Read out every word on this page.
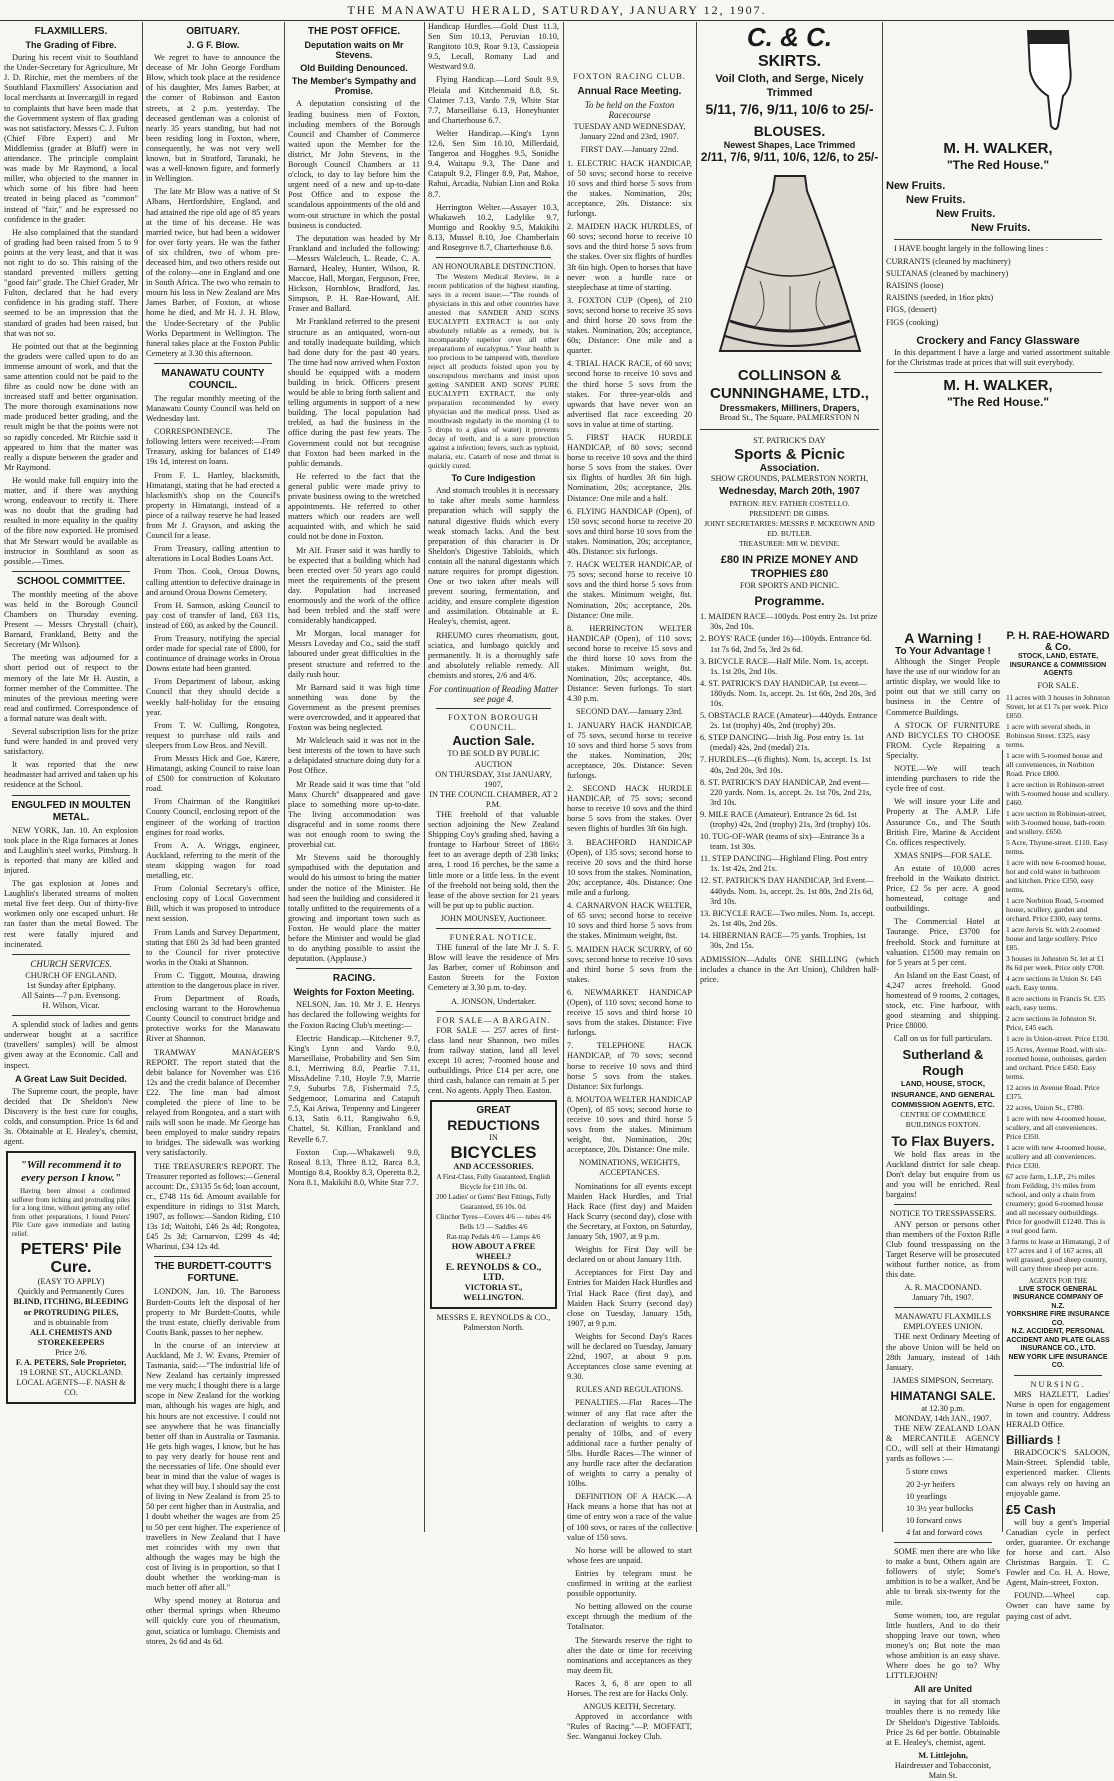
THE MANAWATU HERALD, SATURDAY, JANUARY 12, 1907.
FLAXMILLERS.
The Grading of Fibre.

During his recent visit to Southland the Under-Secretary for Agriculture, Mr J. D. Ritchie, met the members of the Southland Flaxmillers' Association and local merchants at Invercargill in regard to complaints that have been made that the Government system of flax grading was not satisfactory. Messrs C. J. Fulton (Chief Fibre Expert) and Mr Middlemiss (grader at Bluff) were in attendance. The principle complaint was made by Mr Raymond, a local miller, who objected to the manner in which some of his fibre had been treated in being placed as "common" instead of "fair," and he expressed no confidence in the grader.

He also complained that the standard of grading had been raised from 5 to 9 points at the very least, and that it was not right to do so. This raising of the standard prevented millers getting "good fair" grade. The Chief Grader, Mr Fulton, declared that he had every confidence in his grading staff. There seemed to be an impression that the standard of grades had been raised, but that was not so.

He pointed out that at the beginning the graders were called upon to do an immense amount of work, and that the same attention could not be paid to the fibre as could now be done with an increased staff and better organisation. The more thorough examinations now made produced better grading, and the result might be that the points were not so rapidly conceded. Mr Ritchie said it appeared to him that the matter was really a dispute between the grader and Mr Raymond.

He would make full enquiry into the matter, and if there was anything wrong, endeavour to rectify it. There was no doubt that the grading had resulted in more equality in the quality of the fibre now exported. He promised that Mr Stewart would be available as instructor in Southland as soon as possible.—Times.

SCHOOL COMMITTEE.

The monthly meeting of the above was held in the Borough Council Chambers on Thursday evening. Present — Messrs Chrystall (chair), Barnard, Frankland, Betty and the Secretary (Mr Wilson).

The meeting was adjourned for a short period out of respect to the memory of the late Mr H. Austin, a former member of the Committee. The minutes of the previous meeting were read and confirmed. Correspondence of a formal nature was dealt with.

Several subscription lists for the prize fund were handed in and proved very satisfactory.

It was reported that the new headmaster had arrived and taken up his residence at the School.

ENGULFED IN MOULTEN METAL.

NEW YORK, Jan. 10. An explosion took place in the Riga furnaces at Jones and Laughlin's steel works, Pittsburg. It is reported that many are killed and injured.

The gas explosion at Jones and Laughlin's liberated streams of molten metal five feet deep. Out of thirty-five workmen only one escaped unhurt. He ran faster than the metal flowed. The rest were fatally injured and incinerated.

CHURCH SERVICES.
CHURCH OF ENGLAND.
1st Sunday after Epiphany.
All Saints—7 p.m. Evensong.
H. Wilson, Vicar.

A splendid stock of ladies and gents underwear bought at a sacrifice (travellers' samples) will be almost given away at the Economic. Call and inspect.

A Great Law Suit Decided.

The Supreme court, the people, have decided that Dr Sheldon's New Discovery is the best cure for coughs, colds, and consumption. Price 1s 6d and 3s. Obtainable at E. Healey's, chemist, agent.

"Will recommend it to every person I know."

Having been almost a confirmed sufferer from itching and protruding piles for a long time, without getting any relief from other preparations, I found Peters' Pile Cure gave immediate and lasting relief.

PETERS' Pile Cure.
(EASY TO APPLY)
Quickly and Permanently Cures
BLIND, ITCHING, BLEEDING or PROTRUDING PILES,
and is obtainable from
ALL CHEMISTS AND STOREKEEPERS
Price 2/6.
F. A. PETERS, Sole Proprietor,
19 LORNE ST., AUCKLAND.
LOCAL AGENTS—F. NASH & CO.
OBITUARY.
J. G F. Blow.

We regret to have to announce the decease of Mr John George Fordham Blow, which took place at the residence of his daughter, Mrs James Barber, at the corner of Robinson and Easton streets, at 2 p.m. yesterday. The deceased gentleman was a colonist of nearly 35 years standing, but had not been residing long in Foxton, where, consequently, he was not very well known, but in Stratford, Taranaki, he was a well-known figure, and formerly in Wellington.

The late Mr Blow was a native of St Albans, Hertfordshire, England, and had attained the ripe old age of 85 years at the time of his decease. He was married twice, but had been a widower for over forty years. He was the father of six children, two of whom pre-deceased him, and two others reside out of the colony—one in England and one in South Africa. The two who remain to mourn his loss in New Zealand are Mrs James Barber, of Foxton, at whose home he died, and Mr H. J. H. Blow, the Under-Secretary of the Public Works Department in Wellington. The funeral takes place at the Foxton Public Cemetery at 3.30 this afternoon.

MANAWATU COUNTY COUNCIL.

The regular monthly meeting of the Manawatu County Council was held on Wednesday last.

CORRESPONDENCE. The following letters were received:—From Treasury, asking for balances of £149 19s 1d, interest on loans.

From F. L. Hartley, blacksmith, Himatangi, stating that he had erected a blacksmith's shop on the Council's property in Himatangi, instead of a piece of a railway reserve he had leased from Mr J. Grayson, and asking the Council for a lease.

From Treasury, calling attention to alterations in Local Bodies Loans Act.

From Thos. Cook, Oroua Downs, calling attention to defective drainage in and around Oroua Downs Cemetery.

From H. Samson, asking Council to pay cost of transfer of land, £63 11s, instead of £60, as asked by the Council.

From Treasury, notifying the special order made for special rate of £800, for continuance of drainage works in Oroua Downs estate had been granted.

From Department of labour, asking Council that they should decide a weekly half-holiday for the ensuing year.

From T. W. Cullimg, Rongotea, request to purchase old rails and sleepers from Low Bros. and Nevill.

From Messrs Hick and Goe, Karere, Himatangi, asking Council to raise loan of £500 for construction of Kokutaro road.

From Chairman of the Rangitikei County Council, enclosing report of the engineer of the working of traction engines for road works.

From A. A. Wriggs, engineer, Auckland, referring to the merit of the steam skipping wagon for road metalling, etc.

From Colonial Secretary's office, enclosing copy of Local Government Bill, which it was proposed to introduce next session.

From Lands and Survey Department, stating that £60 2s 3d had been granted to the Council for river protective works in the Otaki at Shannon.

From C. Tiggott, Moutoa, drawing attention to the dangerous place in river.

From Department of Roads, enclosing warrant to the Horowhenua County Council to construct bridge and protective works for the Manawatu River at Shannon.

TRAMWAY MANAGER'S REPORT. The report stated that the debit balance for November was £16 12s and the credit balance of December £22. The line man had almost completed the piece of line to be relayed from Rongotea, and a start with rails will soon be made. Mr George has been employed to make sundry repairs to bridges. The sidewalk was working very satisfactorily.

THE TREASURER'S REPORT. The Treasurer reported as follows:—General account: Dr., £3135 5s 6d; loan account, cr., £748 11s 6d. Amount available for expenditure in ridings to 31st March, 1907, as follows:—Sandon Riding, £10 13s 1d; Waitohi, £46 2s 4d; Rongotea, £45 2s 3d; Carnarvon, £299 4s 4d; Wharinui, £34 12s 4d.

THE BURDETT-COUTT'S FORTUNE.

LONDON, Jan. 10. The Baroness Burdett-Coutts left the disposal of her property to Mr Burdett-Coutts, while the trust estate, chiefly derivable from Coutts Bank, passes to her nephew.

In the course of an interview at Auckland, Mr J. W. Evans, Premier of Tasmania, said:—"The industrial life of New Zealand has certainly impressed me very much; I thought there is a large scope in New Zealand for the working man, although his wages are high, and his hours are not excessive. I could not see anywhere that he was financially better off than in Australia or Tasmania. He gets high wages, I know, but he has to pay very dearly for house rent and the necessaries of life. One should ever bear in mind that the value of wages is what they will buy. I should say the cost of living in New Zealand is from 25 to 50 per cent higher than in Australia, and I doubt whether the wages are from 25 to 50 per cent higher. The experience of travellers in New Zealand that I have met coincides with my own that although the wages may be high the cost of living is in proportion, so that I doubt whether the working-man is much better off after all."

Why spend money at Rotorua and other thermal springs when Rheumo will quickly cure you of rheumatism, gout, sciatica or lumbago. Chemists and stores, 2s 6d and 4s 6d.

THE POST OFFICE.
Deputation waits on Mr Stevens.
Old Building Denounced.
The Member's Sympathy and Promise.

A deputation consisting of the leading business men of Foxton, including members of the Borough Council and Chamber of Commerce waited upon the Member for the district, Mr John Stevens, in the Borough Council Chambers at 11 o'clock, to day to lay before him the urgent need of a new and up-to-date Post Office and to expose the scandalous appointments of the old and worn-out structure in which the postal business is conducted.

The deputation was headed by Mr Frankland and included the following:—Messrs Walcleuch, L. Reade, C. A. Barnard, Healey, Hunter, Wilson, R. Maccoe, Hall, Morgan, Ferguson, Free, Hickson, Hornblow, Bradford, Jas. Simpson, P. H. Rae-Howard, Alf. Fraser and Ballard.

Mr Frankland referred to the present structure as an antiquated, worn-out and totally inadequate building, which had done duty for the past 40 years. The time had now arrived when Foxton should be equipped with a modern building in brick. Officers present would be able to bring forth salient and telling arguments in support of a new building. The local population had trebled, as had the business in the office during the past few years. The Government could not but recognise that Foxton had been marked in the public demands.

He referred to the fact that the general public were made privy to private business owing to the wretched appointments. He referred to other matters which our readers are well acquainted with, and which he said could not be done in Foxton.

Mr Alf. Fraser said it was hardly to be expected that a building which had been erected over 50 years ago could meet the requirements of the present day. Population had increased enormously and the work of the office had been trebled and the staff were considerably handicapped.

Mr Morgan, local manager for Messrs Loveday and Co., said the staff laboured under great difficulties in the present structure and referred to the daily rush hour.

Mr Barnard said it was high time something was done by the Government as the present premises were overcrowded, and it appeared that Foxton was being neglected.

Mr Walcleuch said it was not in the best interests of the town to have such a delapidated structure doing duty for a Post Office.

Mr Reade said it was time that "old Manx Church" disappeared and gave place to something more up-to-date. The living accommodation was disgraceful and in some rooms there was not enough room to swing the proverbial cat.

Mr Stevens said he thoroughly sympathised with the deputation and would do his utmost to bring the matter under the notice of the Minister. He had seen the building and considered it totally unfitted to the requirements of a growing and important town such as Foxton. He would place the matter before the Minister and would be glad to do anything possible to assist the deputation. (Applause.)

RACING.
Weights for Foxton Meeting.

NELSON, Jan. 10. Mr J. E. Henrys has declared the following weights for the Foxton Racing Club's meeting:—

Electric Handicap.—Kitchener 9.7, King's Lynn and Vardo 9.0, Marseillaise, Probability and Sen Sim 8.1, Merriwing 8.0, Pearlie 7.11, MissAdeline 7.10, Hoyle 7.9, Marrie 7.9, Suburbs 7.8, Fishermaid 7.5, Sedgemoor, Lomarina and Catapult 7.5, Kai Ariwa, Tenpenny and Lingerer 6.13, Satis 6.11, Rangiwaho 6.9, Chattel, St. Killian, Frankland and Revelle 6.7.

Foxton Cup.—Whakaweli 9.0, Roseal 8.13, Three 8.12, Barca 8.3, Montigo 8.4, Rookby 8.3, Operetta 8.2, Nora 8.1, Makikihi 8.0, White Star 7.7.

Handicap Hurdles.—Gold Dust 11.3, Sen Sim 10.13, Peruvian 10.10, Rangitoto 10.9, Roar 9.13, Cassiopeia 9.5, Lecall, Romany Lad and Westward 9.0.

Flying Handicap.—Lord Soult 9.9, Pleiala and Kitchenmaid 8.8, St. Claimer 7.13, Vardo 7.9, White Star 7.7, Marseillaise 6.13, Honeyhunter and Charterhouse 6.7.

Welter Handicap.—King's Lynn 12.6, Sen Sim 10.10, Millerdaid, Tangeroa and Hogghes 9.5, Sonidhe 9.4, Waitapu 9.3, The Dane and Catapult 9.2, Flinger 8.9, Pat, Mahoe, Rahui, Arcadia, Nubian Lion and Roka 8.7.

Herrington Welter.—Assayer 10.3, Whakaweh 10.2, Ladylike 9.7, Montigo and Rookby 9.5, Makikihi 8.13, Mussel 8.10, Joe Chamberlain and Rosegrove 8.7, Charterhouse 8.6.

AN HONOURABLE DISTINCTION.

The Western Medical Review, in a recent publication of the highest standing, says in a recent issue:—"The rounds of physicians in this and other countries have attested that SANDER AND SONS EUCALYPTI EXTRACT is not only absolutely reliable as a remedy, but is incomparably superior over all other preparations of eucalyptus." Your health is too precious to be tampered with, therefore reject all products foisted upon you by unscrupulous merchants and insist upon getting SANDER AND SONS' PURE EUCALYPTI EXTRACT, the only preparation recommended by every physician and the medical press. Used as mouthwash regularly in the morning (1 to 5 drops to a glass of water) it prevents decay of teeth, and is a sure protection against a infection; fevers, such as typhoid, malaria, etc. Catarrh of nose and throat is quickly cured.

To Cure Indigestion

And stomach troubles it is necessary to take after meals some harmless preparation which will supply the natural digestive fluids which every weak stomach lacks. And the best preparation of this character is Dr Sheldon's Digestive Tabloids, which contain all the natural digestants which nature requires for prompt digestion. One or two taken after meals will prevent souring, fermentation, and acidity, and ensure complete digestion and assimilation. Obtainable at E. Healey's, chemist, agent.

RHEUMO cures rheumatism, gout, sciatica, and lumbago quickly and permanently. It is a thoroughly safe and absolutely reliable remedy. All chemists and stores, 2/6 and 4/6.

For continuation of Reading Matter see page 4.
FOXTON BOROUGH COUNCIL.
Auction Sale.
TO BE SOLD BY PUBLIC AUCTION
ON THURSDAY, 31st JANUARY, 1907,
IN THE COUNCIL CHAMBER, AT 2 P.M.

THE freehold of that valuable section adjoining the New Zealand Shipping Coy's grading shed, having a frontage to Harbour Street of 186½ feet to an average depth of 238 links; area, 1 rood 16 perches, be the same a little more or a little less. In the event of the freehold not being sold, then the lease of the above section for 21 years will be put up to public auction.

JOHN MOUNSEY, Auctioneer.
FUNERAL NOTICE.

THE funeral of the late Mr J. S. F. Blow will leave the residence of Mrs Jas Barber, corner of Robinson and Easton Streets for the Foxton Cemetery at 3.30 p.m. to-day.

A. JONSON, Undertaker.
FOR SALE—A BARGAIN.

FOR SALE — 257 acres of first-class land near Shannon, two miles from railway station, land all level except 10 acres; 7-roomed house and outbuildings. Price £14 per acre, one third cash, balance can remain at 5 per cent. No agents. Apply Theo. Easton.

GREAT
REDUCTIONS
IN
BICYCLES
AND ACCESSORIES.
A First-Class, Fully Guaranteed, English Bicycle for £10 10s. 0d.
200 Ladies' or Gents' Best Fittings, Fully Guaranteed, £6 10s. 0d.
Clincher Tyres—Covers 4/6 — tubes 4/6
Bells 1/3 — Saddles 4/6
Rat-trap Pedals 4/6 — Lamps 4/6
HOW ABOUT A FREE WHEEL?
E. REYNOLDS & CO., LTD.
VICTORIA ST., WELLINGTON.
MESSRS E. REYNOLDS & CO., Palmerston North.
FOXTON RACING CLUB.
Annual Race Meeting.
To be held on the Foxton Racecourse
TUESDAY AND WEDNESDAY, January 22nd and 23rd, 1907.
FIRST DAY.—January 22nd.

1. ELECTRIC HACK HANDICAP, of 50 sovs; second horse to receive 10 sovs and third horse 5 sovs from the stakes. Nomination, 20s; acceptance, 20s. Distance: six furlongs.

2. MAIDEN HACK HURDLES, of 60 sovs; second horse to receive 10 sovs and the third horse 5 sovs from the stakes. Over six flights of hurdles 3ft 6in high. Open to horses that have never won a hurdle race or steeplechase at time of starting.

3. FOXTON CUP (Open), of 210 sovs; second horse to receive 35 sovs and third horse 20 sovs from the stakes. Nomination, 20s; acceptance, 60s; Distance: One mile and a quarter.

4. TRIAL HACK RACE, of 60 sovs; second horse to receive 10 sovs and the third horse 5 sovs from the stakes. For three-year-olds and upwards that have never won an advertised flat race exceeding 20 sovs in value at time of starting.

5. FIRST HACK HURDLE HANDICAP, of 80 sovs; second horse to receive 10 sovs and the third horse 5 sovs from the stakes. Over six flights of hurdles 3ft 6in high. Nomination, 20s; acceptance, 20s. Distance: One mile and a half.

6. FLYING HANDICAP (Open), of 150 sovs; second horse to receive 20 sovs and third horse 10 sovs from the stakes. Nomination, 20s; acceptance, 40s. Distance: six furlongs.

7. HACK WELTER HANDICAP, of 75 sovs; second horse to receive 10 sovs and the third horse 5 sovs from the stakes. Minimum weight, 8st. Nomination, 20s; acceptance, 20s. Distance: One mile.

8. HERRINGTON WELTER HANDICAP (Open), of 110 sovs; second horse to receive 15 sovs and the third horse 10 sovs from the stakes. Minimum weight, 8st. Nomination, 20s; acceptance, 40s. Distance: Seven furlongs. To start 4.30 p.m.

SECOND DAY.—January 23rd.

1. JANUARY HACK HANDICAP, of 75 sovs, second horse to receive 10 sovs and third horse 5 sovs from the stakes. Nomination, 20s; acceptance, 20s. Distance: Seven furlongs.

2. SECOND HACK HURDLE HANDICAP, of 75 sovs; second horse to receive 10 sovs and the third horse 5 sovs from the stakes. Over seven flights of hurdles 3ft 6in high.

3. BEACHFORD HANDICAP (Open), of 135 sovs; second horse to receive 20 sovs and the third horse 10 sovs from the stakes. Nomination, 20s; acceptance, 40s. Distance: One mile and a furlong.

4. CARNARVON HACK WELTER, of 65 sovs; second horse to receive 10 sovs and third horse 5 sovs from the stakes. Minimum weight, 8st.

5. MAIDEN HACK SCURRY, of 60 sovs; second horse to receive 10 sovs and third horse 5 sovs from the stakes.

6. NEWMARKET HANDICAP (Open), of 110 sovs; second horse to receive 15 sovs and third horse 10 sovs from the stakes. Distance: Five furlongs.

7. TELEPHONE HACK HANDICAP, of 70 sovs; second horse to receive 10 sovs and third horse 5 sovs from the stakes. Distance: Six furlongs.

8. MOUTOA WELTER HANDICAP (Open), of 85 sovs; second horse to receive 10 sovs and third horse 5 sovs from the stakes. Minimum weight, 8st. Nomination, 20s; acceptance, 20s. Distance: One mile.

NOMINATIONS, WEIGHTS, ACCEPTANCES.

Nominations for all events except Maiden Hack Hurdles, and Trial Hack Race (first day) and Maiden Hack Scurry (second day), close with the Secretary, at Foxton, on Saturday, January 5th, 1907, at 9 p.m.

Weights for First Day will be declared on or about January 11th.

Acceptances for First Day and Entries for Maiden Hack Hurdles and Trial Hack Race (first day), and Maiden Hack Scurry (second day) close on Tuesday, January 15th, 1907, at 9 p.m.

Weights for Second Day's Races will be declared on Tuesday, January 22nd, 1907, at about 9 p.m. Acceptances close same evening at 9.30.

RULES AND REGULATIONS.

PENALTIES.—Flat Races—The winner of any flat race after the declaration of weights to carry a penalty of 10lbs, and of every additional race a further penalty of 5lbs. Hurdle Races—The winner of any hurdle race after the declaration of weights to carry a penalty of 10lbs.

DEFINITION OF A HACK.—A Hack means a horse that has not at time of entry won a race of the value of 100 sovs, or races of the collective value of 150 sovs.

No horse will be allowed to start whose fees are unpaid.

Entries by telegram must be confirmed in writing at the earliest possible opportunity.

No betting allowed on the course except through the medium of the Totalisator.

The Stewards reserve the right to alter the date or time for receiving nominations and acceptances as they may deem fit.

Races 3, 6, 8 are open to all Horses. The rest are for Hacks Only.

ANGUS KEITH, Secretary.

Approved in accordance with "Rules of Racing."—P. MOFFATT, Sec. Wanganui Jockey Club.

C. & C.
SKIRTS.
Voil Cloth, and Serge, Nicely Trimmed
5/11, 7/6, 9/11, 10/6 to 25/-
BLOUSES.
Newest Shapes, Lace Trimmed
2/11, 7/6, 9/11, 10/6, 12/6, to 25/-
COLLINSON & CUNNINGHAME, LTD.,
Dressmakers, Milliners, Drapers,
Broad St., The Square, PALMERSTON N
ST. PATRICK'S DAY
Sports & Picnic
Association.
SHOW GROUNDS, PALMERSTON NORTH,
Wednesday, March 20th, 1907
PATRON: REV. FATHER COSTELLO.
PRESIDENT: DR GIBBS.
JOINT SECRETARIES: MESSRS P. MCKEOWN AND ED. BUTLER.
TREASURER: MR W. DEVINE.
£80 IN PRIZE MONEY AND TROPHIES £80
FOR SPORTS AND PICNIC.
Programme.
1. MAIDEN RACE—100yds. Post entry 2s. 1st prize 30s, 2nd 10s.
2. BOYS' RACE (under 16)—100yds. Entrance 6d. 1st 7s 6d, 2nd 5s, 3rd 2s 6d.
3. BICYCLE RACE—Half Mile. Nom. 1s, accept. 1s. 1st 20s, 2nd 10s.
4. ST. PATRICK'S DAY HANDICAP, 1st event—180yds. Nom. 1s, accept. 2s. 1st 60s, 2nd 20s, 3rd 10s.
5. OBSTACLE RACE (Amateur)—440yds. Entrance 2s. 1st (trophy) 40s, 2nd (trophy) 20s.
6. STEP DANCING—Irish Jig. Post entry 1s. 1st (medal) 42s, 2nd (medal) 21s.
7. HURDLES—(6 flights). Nom. 1s, accept. 1s. 1st 40s, 2nd 20s, 3rd 10s.
8. ST. PATRICK'S DAY HANDICAP, 2nd event—220 yards. Nom. 1s, accept. 2s. 1st 70s, 2nd 21s, 3rd 10s.
9. MILE RACE (Amateur). Entrance 2s 6d. 1st (trophy) 42s, 2nd (trophy) 21s, 3rd (trophy) 10s.
10. TUG-OF-WAR (teams of six)—Entrance 3s a team. 1st 30s.
11. STEP DANCING—Highland Fling. Post entry 1s. 1st 42s, 2nd 21s.
12. ST. PATRICK'S DAY HANDICAP, 3rd Event—440yds. Nom. 1s, accept. 2s. 1st 80s, 2nd 21s 6d, 3rd 10s.
13. BICYCLE RACE—Two miles. Nom. 1s, accept. 2s. 1st 40s, 2nd 20s.
14. HIBERNIAN RACE—75 yards. Trophies, 1st 30s, 2nd 15s.

ADMISSION—Adults ONE SHILLING (which includes a chance in the Art Union), Children half-price.

A Warning !
To Your Advantage !

Although the Singer People have the use of our window for an artistic display, we would like to point out that we still carry on business in the Centre of Commerce Buildings.

A STOCK OF FURNITURE AND BICYCLES TO CHOOSE FROM. Cycle Repairing a Specialty.

NOTE.—We will teach intending purchasers to ride the cycle free of cost.

We will insure your Life and Property at The A.M.P. Life Assurance Co., and The South British Fire, Marine & Accident Co. offices respectively.

XMAS SNIPS—FOR SALE.

An estate of 10,000 acres freehold in the Waikato district. Price, £2 5s per acre. A good homestead, cottage and outbuildings.

The Commercial Hotel at Taurange. Price, £3700 for freehold. Stock and furniture at valuation. £1500 may remain on for 5 years at 5 per cent.

An Island on the East Coast, of 4,247 acres freehold. Good homestead of 9 rooms, 2 cottages, stock, etc. Fine harbour, with good steaming and shipping. Price £8000.

Call on us for full particulars.

Sutherland & Rough
LAND, HOUSE, STOCK, INSURANCE, AND GENERAL COMMISSION AGENTS, ETC.
CENTRE OF COMMERCE BUILDINGS FOXTON.
To Flax Buyers.

We hold flax areas in the Auckland district for sale cheap. Don't delay but enquire from us and you will be enriched. Real bargains!

NOTICE TO TRESSPASSERS.

ANY person or persons other than members of the Foxton Rifle Club found tresspassing on the Target Reserve will be prosecuted without further notice, as from this date.

A. R. MACDONAND.
January 7th, 1907.
MANAWATU FLAXMILLS EMPLOYEES UNION.

THE next Ordinary Meeting of the above Union will be held on 28th January, instead of 14th January.

JAMES SIMPSON, Secretary.
HIMATANGI SALE.
at 12.30 p.m.
MONDAY, 14th JAN., 1907.

THE NEW ZEALAND LOAN & MERCANTILE AGENCY CO., will sell at their Himatangi yards as follows :—

5 store cows
20 2-yr heifers
10 yearlings
10 3½ year bullocks
10 forward cows
4 fat and forward cows

SOME men there are who like to make a bust, Others again are followers of style; Some's ambition is to be a walker, And be able to break six-twenty for the mile.

Some women, too, are regular little hustlers, And to do their shopping leave our town, when money's on; But note the man whose ambition is an easy shave. Where does he go to? Why LITTLEJOHN!

All are United

in saying that for all stomach troubles there is no remedy like Dr Sheldon's Digestive Tabloids. Price 2s 6d per bottle. Obtainable at E. Healey's, chemist, agent.

M. Littlejohn,
Hairdresser and Tobacconist, Main St.
M. H. WALKER,
"The Red House."
New Fruits.
New Fruits.
New Fruits.
New Fruits.

I HAVE bought largely in the following lines :

CURRANTS (cleaned by machinery)
SULTANAS (cleaned by machinery)
RAISINS (loose)
RAISINS (seeded, in 16oz pkts)
FIGS, (dessert)
FIGS (cooking)
Crockery and Fancy Glassware

In this department I have a large and varied assortment suitable for the Christmas trade at prices that will suit everybody.

M. H. WALKER,
"The Red House."
P. H. RAE-HOWARD
& Co.
STOCK, LAND, ESTATE, INSURANCE & COMMISSION AGENTS
FOR SALE.
11 acres with 3 houses in Johnston Street, let at £1 7s per week. Price £850.
1 acre with several sheds, in Robinson Street. £325, easy terms.
1 acre with 5-roomed house and all conveniences, in Norbiton Road. Price £800.
1 acre section in Robinson-street with 5-roomed house and scullery. £460.
1 acre section in Robinson-street, with 3-roomed house, bath-room and scullery. £650.
5 Acre, Thynne-street. £110. Easy terms.
1 acre with new 6-roomed house, hot and cold water in bathroom and kitchen. Price £350, easy terms.
1 acre Norbiton Road, 5-roomed house, scullery, garden and orchard. Price £300, easy terms.
1 acre Jervis St. with 2-roomed house and large scullery. Price £85.
3 houses in Johnston St. let at £1 8s 6d per week. Price only £700.
4 acre sections in Union St. £45 each. Easy terms.
8 acre sections in Francis St. £35 each, easy terms.
2 acre sections in Johnston St. Price, £45 each.
1 acre in Union-street. Price £130.
15 Acres, Avenue Road, with six-roomed house, outhouses, garden and orchard. Price £450. Easy terms.
12 acres in Avenue Road. Price £375.
22 acres, Union St., £780.
1 acre with new 4-roomed house, scullery, and all conveniences. Price £350.
1 acre with new 4-roomed house, scullery and all conveniences. Price £330.
67 acre farm, L.I.P., 2½ miles from Feilding, 1½ miles from school, and only a chain from creamery; good 6-roomed house and all necessary outbuildings. Price for goodwill £1240. This is a real good farm.
3 farms to lease at Himatangi, 2 of 177 acres and 1 of 167 acres, all well grassed, good sheep country, will carry three sheep per acre.
AGENTS FOR THE
LIVE STOCK GENERAL INSURANCE COMPANY OF N.Z.
YORKSHIRE FIRE INSURANCE CO.
N.Z. ACCIDENT, PERSONAL ACCIDENT AND PLATE GLASS INSURANCE CO., LTD.
NEW YORK LIFE INSURANCE CO.
NURSING.

MRS HAZLETT, Ladies' Nurse is open for engagement in town and country. Address HERALD Office.

Billiards !

BRADCOCK'S SALOON, Main-Street. Splendid table, experienced marker. Clients can always rely on having an enjoyable game.

£5 Cash

will buy a gent's Imperial Canadian cycle in perfect order, guarantee. Or exchange for horse and cart. Also Christmas Bargain. T. C. Fowler and Co. H. A. Howe, Agent, Main-street, Foxton.

FOUND.—Wheel cap. Owner can have same by paying cost of advt.
